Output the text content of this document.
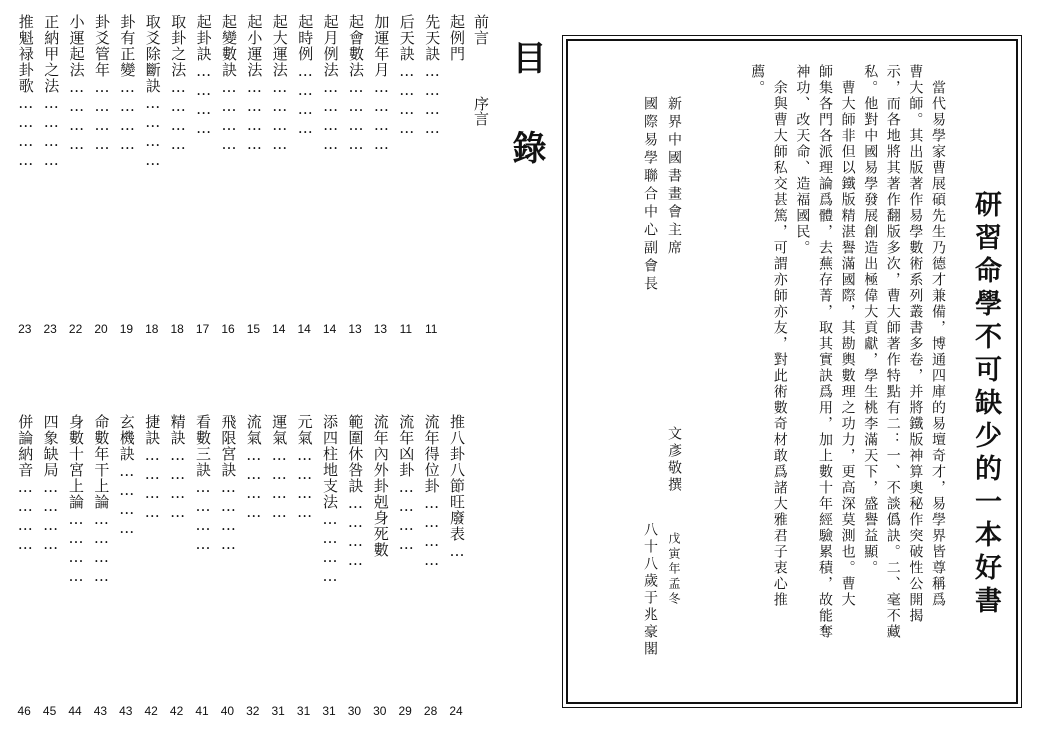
目 錄
序言
前言
起例門
先天訣…………
11
后天訣…………
11
加運年月…………
13
起會數法…………
13
起月例法…………
14
起時例…………
14
起大運法…………
14
起小運法…………
15
起變數訣…………
16
起卦訣…………
17
取卦之法…………
18
取爻除斷訣…………
18
卦有正變…………
19
卦爻管年…………
20
小運起法…………
22
正納甲之法…………
23
推魁䘵卦歌…………
23
推八卦八節旺廢表…
24
流年得位卦…………
28
流年凶卦…………
29
流年內外卦剋身死數
30
範圍休咎訣…………
30
添四柱地支法…………
31
元氣…………
31
運氣…………
31
流氣…………
32
飛限宮訣…………
40
看數三訣…………
41
精訣…………
42
捷訣…………
42
玄機訣…………
43
命數年干上論…………
43
身數十宮上論…………
44
四象缺局…………
45
併論納音…………
46
研習命學不可缺少的一本好書
　當代易學家曹展碩先生乃德才兼備，博通四庫的易壇奇才，易學界皆尊稱爲
曹大師。其出版著作易學數術系列叢書多卷，并將鐵版神算奧秘作突破性公開揭
示，而各地將其著作翻版多次，曹大師著作特點有二：一、不談僞訣。二、毫不藏
私。他對中國易學發展創造出極偉大貢獻，學生桃李滿天下，盛譽益顯。
　曹大師非但以鐵版精湛譽滿國際，其勘輿數理之功力，更高深莫測也。曹大
師集各門各派理論爲體，去蕪存菁，取其實訣爲用，加上數十年經驗累積，故能奪
神功、改天命、造福國民。
　余與曹大師私交甚篤，可謂亦師亦友，對此術數奇材敢爲諸大雅君子衷心推
薦。
新界中國書畫會主席
國際易學聯合中心副會長
文彥敬撰
戊寅年孟冬
八十八歲于兆豪閣
